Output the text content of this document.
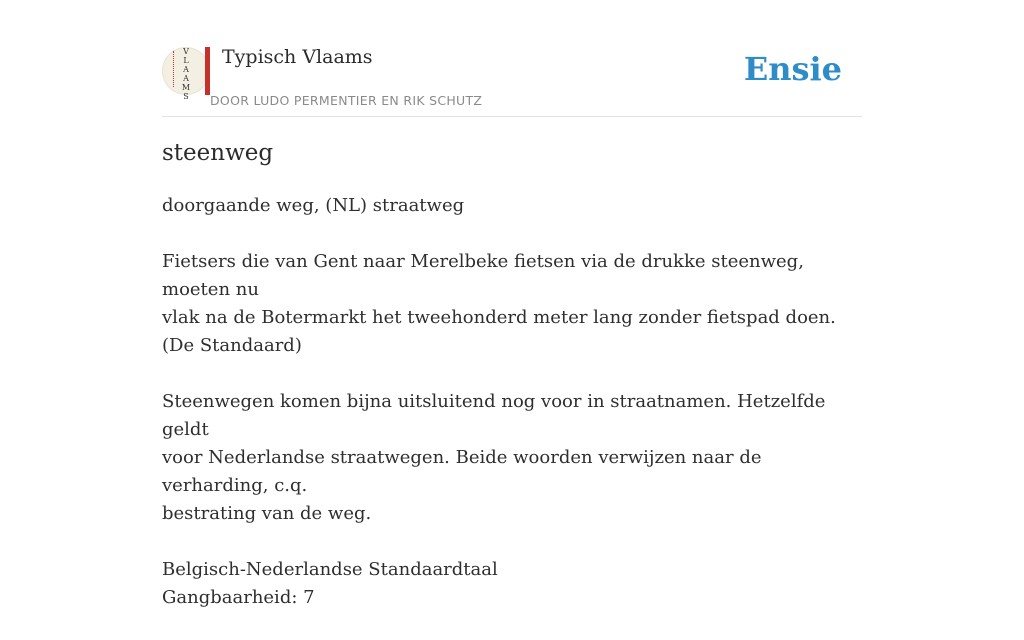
V
L
A
A
M
S
Typisch Vlaams
DOOR LUDO PERMENTIER EN RIK SCHUTZ
Ensie
steenweg

doorgaande weg, (NL) straatweg

Fietsers die van Gent naar Merelbeke fietsen via de drukke steenweg, moeten nu
vlak na de Botermarkt het tweehonderd meter lang zonder fietspad doen.
(De Standaard)

Steenwegen komen bijna uitsluitend nog voor in straatnamen. Hetzelfde geldt
voor Nederlandse straatwegen. Beide woorden verwijzen naar de verharding, c.q.
bestrating van de weg.

Belgisch-Nederlandse Standaardtaal
Gangbaarheid: 7
